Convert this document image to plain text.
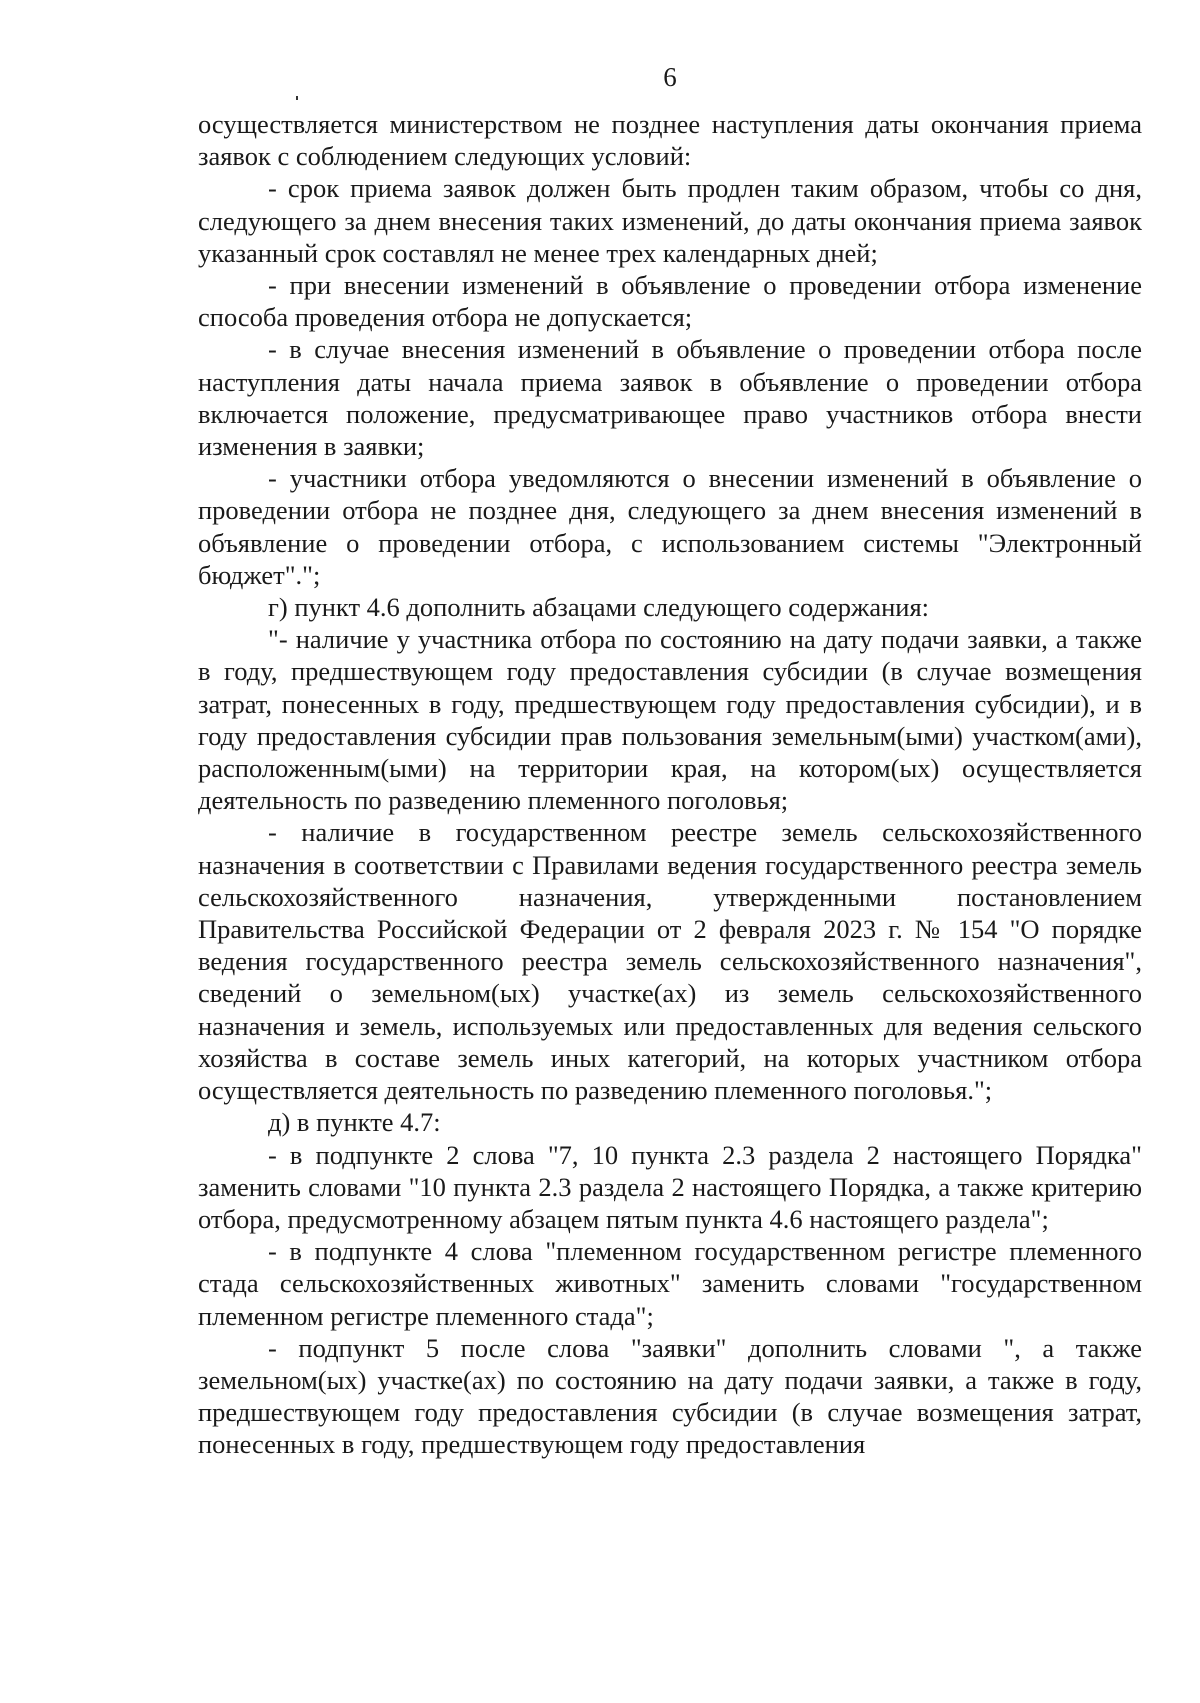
6

осуществляется министерством не позднее наступления даты окончания приема заявок с соблюдением следующих условий:

- срок приема заявок должен быть продлен таким образом, чтобы со дня, следующего за днем внесения таких изменений, до даты окончания приема заявок указанный срок составлял не менее трех календарных дней;

- при внесении изменений в объявление о проведении отбора изменение способа проведения отбора не допускается;

- в случае внесения изменений в объявление о проведении отбора после наступления даты начала приема заявок в объявление о проведении отбора включается положение, предусматривающее право участников отбора внести изменения в заявки;

- участники отбора уведомляются о внесении изменений в объявление о проведении отбора не позднее дня, следующего за днем внесения изменений в объявление о проведении отбора, с использованием системы "Электронный бюджет".";

г) пункт 4.6 дополнить абзацами следующего содержания:

"- наличие у участника отбора по состоянию на дату подачи заявки, а также в году, предшествующем году предоставления субсидии (в случае возмещения затрат, понесенных в году, предшествующем году предоставления субсидии), и в году предоставления субсидии прав пользования земельным(ыми) участком(ами), расположенным(ыми) на территории края, на котором(ых) осуществляется деятельность по разведению племенного поголовья;

- наличие в государственном реестре земель сельскохозяйственного назначения в соответствии с Правилами ведения государственного реестра земель сельскохозяйственного назначения, утвержденными постановлением Правительства Российской Федерации от 2 февраля 2023 г. № 154 "О порядке ведения государственного реестра земель сельскохозяйственного назначения", сведений о земельном(ых) участке(ах) из земель сельскохозяйственного назначения и земель, используемых или предоставленных для ведения сельского хозяйства в составе земель иных категорий, на которых участником отбора осуществляется деятельность по разведению племенного поголовья.";

д) в пункте 4.7:

- в подпункте 2 слова "7, 10 пункта 2.3 раздела 2 настоящего Порядка" заменить словами "10 пункта 2.3 раздела 2 настоящего Порядка, а также критерию отбора, предусмотренному абзацем пятым пункта 4.6 настоящего раздела";

- в подпункте 4 слова "племенном государственном регистре племенного стада сельскохозяйственных животных" заменить словами "государственном племенном регистре племенного стада";

- подпункт 5 после слова "заявки" дополнить словами ", а также земельном(ых) участке(ах) по состоянию на дату подачи заявки, а также в году, предшествующем году предоставления субсидии (в случае возмещения затрат, понесенных в году, предшествующем году предоставления
